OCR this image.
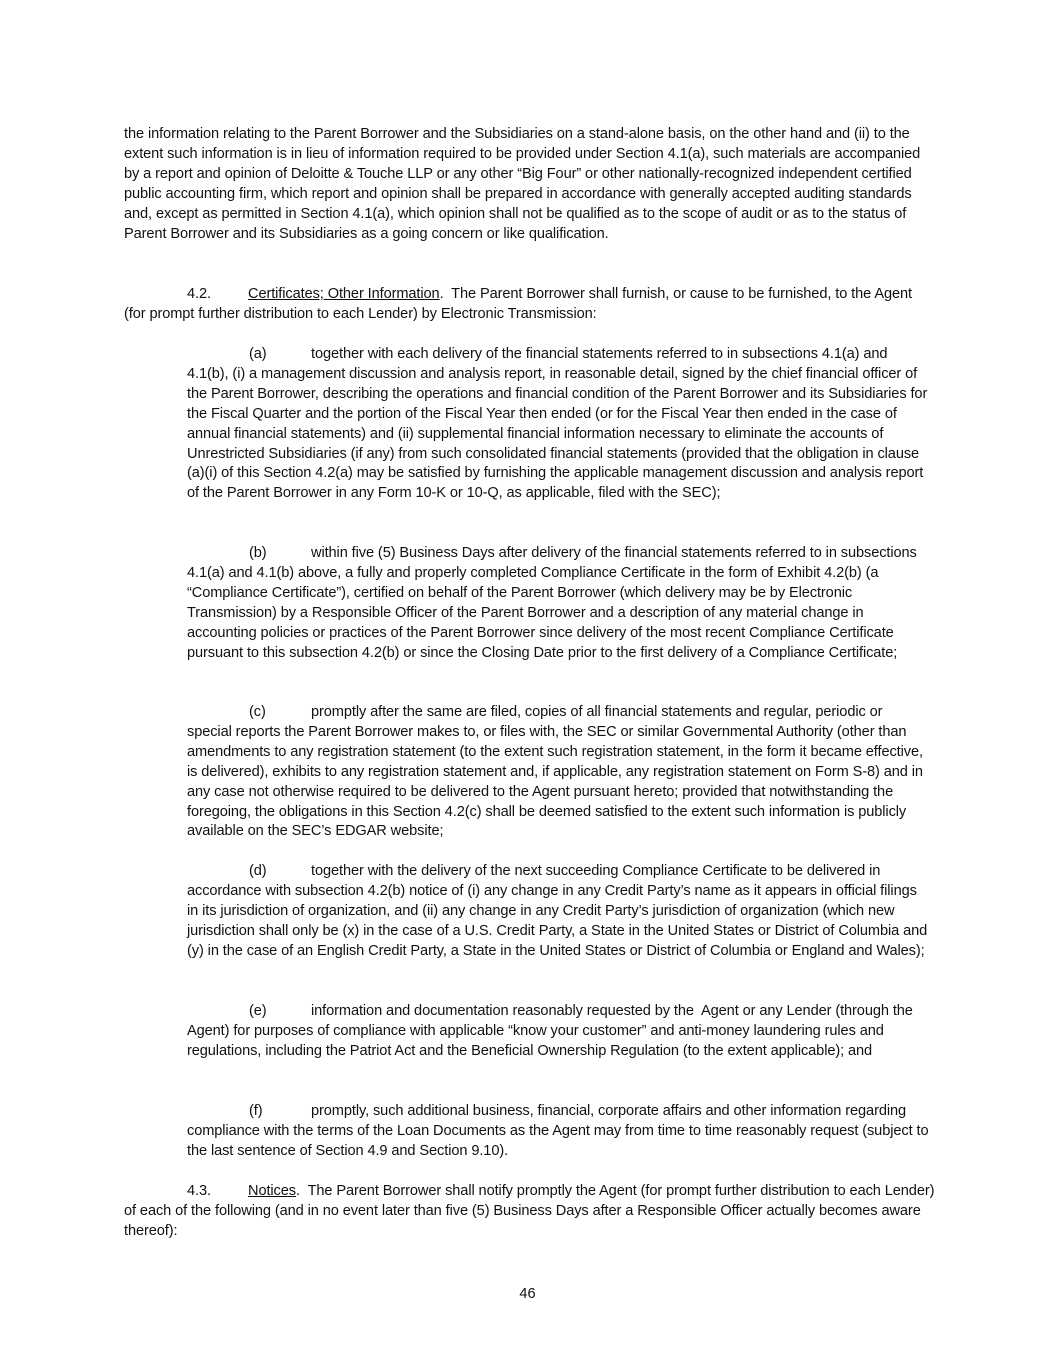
the information relating to the Parent Borrower and the Subsidiaries on a stand-alone basis, on the other hand and (ii) to the extent such information is in lieu of information required to be provided under Section 4.1(a), such materials are accompanied by a report and opinion of Deloitte & Touche LLP or any other “Big Four” or other nationally-recognized independent certified public accounting firm, which report and opinion shall be prepared in accordance with generally accepted auditing standards and, except as permitted in Section 4.1(a), which opinion shall not be qualified as to the scope of audit or as to the status of Parent Borrower and its Subsidiaries as a going concern or like qualification.

4.2.	Certificates; Other Information.  The Parent Borrower shall furnish, or cause to be furnished, to the Agent (for prompt further distribution to each Lender) by Electronic Transmission:

(a)	together with each delivery of the financial statements referred to in subsections 4.1(a) and 4.1(b), (i) a management discussion and analysis report, in reasonable detail, signed by the chief financial officer of the Parent Borrower, describing the operations and financial condition of the Parent Borrower and its Subsidiaries for the Fiscal Quarter and the portion of the Fiscal Year then ended (or for the Fiscal Year then ended in the case of annual financial statements) and (ii) supplemental financial information necessary to eliminate the accounts of Unrestricted Subsidiaries (if any) from such consolidated financial statements (provided that the obligation in clause (a)(i) of this Section 4.2(a) may be satisfied by furnishing the applicable management discussion and analysis report of the Parent Borrower in any Form 10-K or 10-Q, as applicable, filed with the SEC);

(b)	within five (5) Business Days after delivery of the financial statements referred to in subsections 4.1(a) and 4.1(b) above, a fully and properly completed Compliance Certificate in the form of Exhibit 4.2(b) (a “Compliance Certificate”), certified on behalf of the Parent Borrower (which delivery may be by Electronic Transmission) by a Responsible Officer of the Parent Borrower and a description of any material change in accounting policies or practices of the Parent Borrower since delivery of the most recent Compliance Certificate pursuant to this subsection 4.2(b) or since the Closing Date prior to the first delivery of a Compliance Certificate;

(c)	promptly after the same are filed, copies of all financial statements and regular, periodic or special reports the Parent Borrower makes to, or files with, the SEC or similar Governmental Authority (other than amendments to any registration statement (to the extent such registration statement, in the form it became effective, is delivered), exhibits to any registration statement and, if applicable, any registration statement on Form S-8) and in any case not otherwise required to be delivered to the Agent pursuant hereto; provided that notwithstanding the foregoing, the obligations in this Section 4.2(c) shall be deemed satisfied to the extent such information is publicly available on the SEC’s EDGAR website;

(d)	together with the delivery of the next succeeding Compliance Certificate to be delivered in accordance with subsection 4.2(b) notice of (i) any change in any Credit Party’s name as it appears in official filings in its jurisdiction of organization, and (ii) any change in any Credit Party’s jurisdiction of organization (which new jurisdiction shall only be (x) in the case of a U.S. Credit Party, a State in the United States or District of Columbia and (y) in the case of an English Credit Party, a State in the United States or District of Columbia or England and Wales);

(e)	information and documentation reasonably requested by the  Agent or any Lender (through the Agent) for purposes of compliance with applicable “know your customer” and anti-money laundering rules and regulations, including the Patriot Act and the Beneficial Ownership Regulation (to the extent applicable); and

(f)	promptly, such additional business, financial, corporate affairs and other information regarding compliance with the terms of the Loan Documents as the Agent may from time to time reasonably request (subject to the last sentence of Section 4.9 and Section 9.10).

4.3.	Notices.  The Parent Borrower shall notify promptly the Agent (for prompt further distribution to each Lender) of each of the following (and in no event later than five (5) Business Days after a Responsible Officer actually becomes aware thereof):

46
